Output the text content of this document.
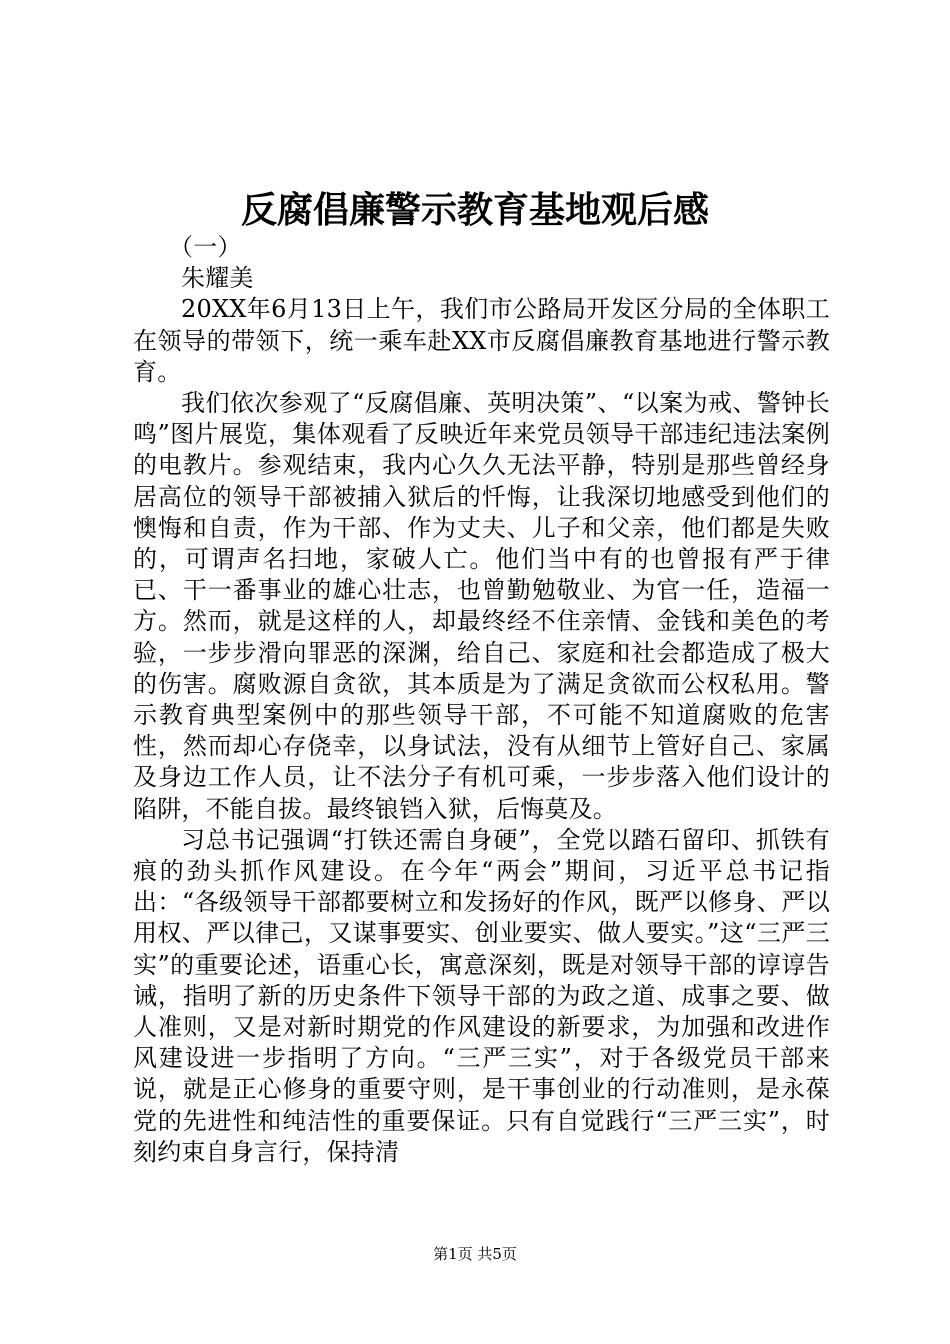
反腐倡廉警示教育基地观后感

（一）

朱耀美

20XX年6月13日上午，我们市公路局开发区分局的全体职工在领导的带领下，统一乘车赴XX市反腐倡廉教育基地进行警示教育。

我们依次参观了“反腐倡廉、英明决策”、“以案为戒、警钟长鸣”图片展览，集体观看了反映近年来党员领导干部违纪违法案例的电教片。参观结束，我内心久久无法平静，特别是那些曾经身居高位的领导干部被捕入狱后的忏悔，让我深切地感受到他们的懊悔和自责，作为干部、作为丈夫、儿子和父亲，他们都是失败的，可谓声名扫地，家破人亡。他们当中有的也曾报有严于律已、干一番事业的雄心壮志，也曾勤勉敬业、为官一任，造福一方。然而，就是这样的人，却最终经不住亲情、金钱和美色的考验，一步步滑向罪恶的深渊，给自己、家庭和社会都造成了极大的伤害。腐败源自贪欲，其本质是为了满足贪欲而公权私用。警示教育典型案例中的那些领导干部，不可能不知道腐败的危害性，然而却心存侥幸，以身试法，没有从细节上管好自己、家属及身边工作人员，让不法分子有机可乘，一步步落入他们设计的陷阱，不能自拔。最终锒铛入狱，后悔莫及。

习总书记强调“打铁还需自身硬”，全党以踏石留印、抓铁有痕的劲头抓作风建设。在今年“两会”期间，习近平总书记指出：“各级领导干部都要树立和发扬好的作风，既严以修身、严以用权、严以律己，又谋事要实、创业要实、做人要实。”这“三严三实”的重要论述，语重心长，寓意深刻，既是对领导干部的谆谆告诫，指明了新的历史条件下领导干部的为政之道、成事之要、做人准则，又是对新时期党的作风建设的新要求，为加强和改进作风建设进一步指明了方向。“三严三实”，对于各级党员干部来说，就是正心修身的重要守则，是干事创业的行动准则，是永葆党的先进性和纯洁性的重要保证。只有自觉践行“三严三实”，时刻约束自身言行，保持清

第1页 共5页
